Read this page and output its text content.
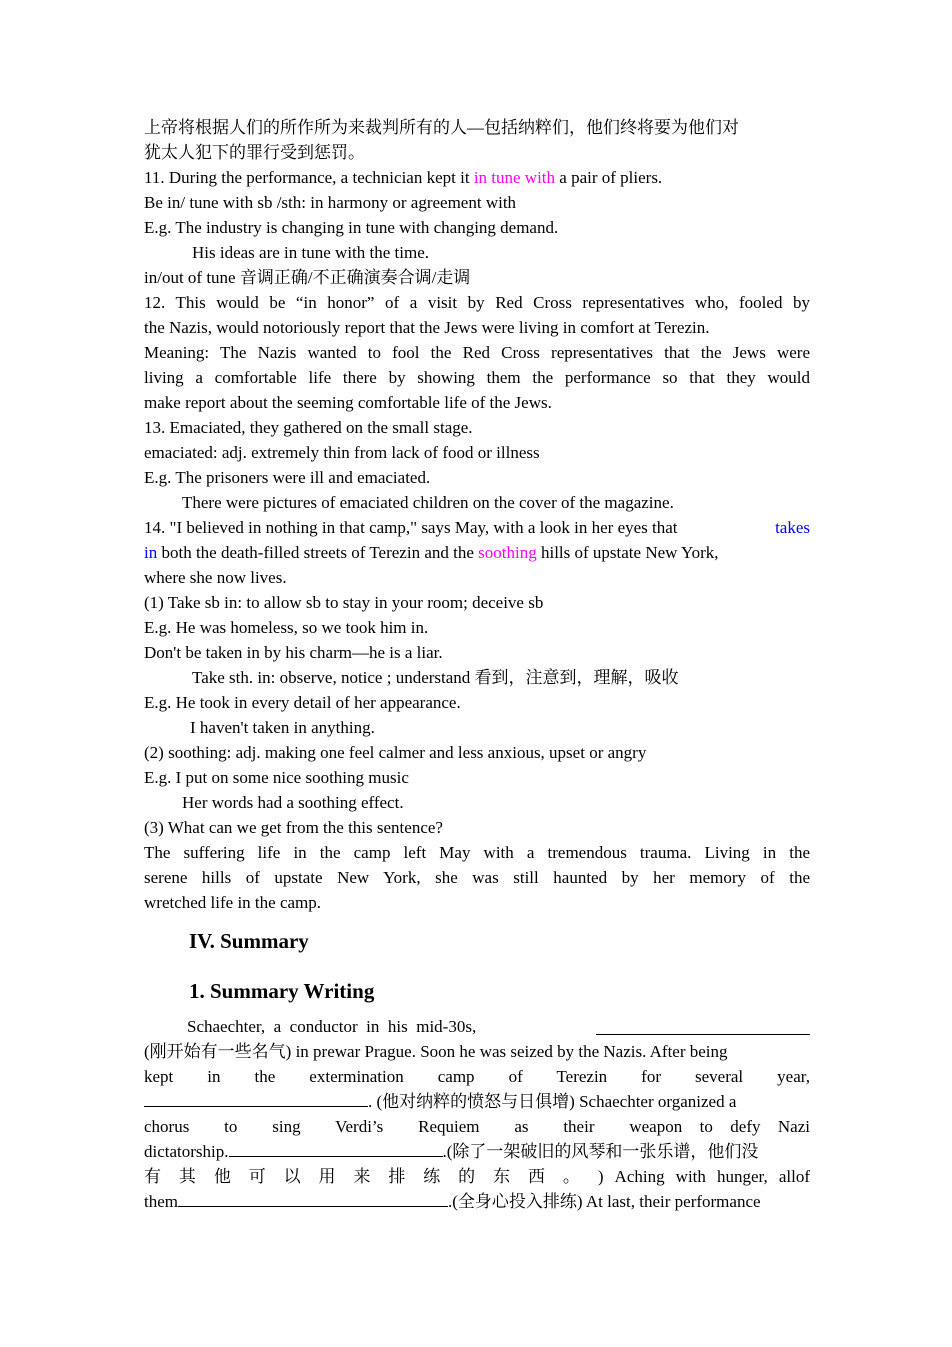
上帝将根据人们的所作所为来裁判所有的人—包括纳粹们，他们终将要为他们对
犹太人犯下的罪行受到惩罚。
11. During the performance, a technician kept it in tune with a pair of pliers.
Be in/ tune with sb /sth: in harmony or agreement with
E.g. The industry is changing in tune with changing demand.
His ideas are in tune with the time.
in/out of tune 音调正确/不正确演奏合调/走调
12. This would be “in honor” of a visit by Red Cross representatives who, fooled by
the Nazis, would notoriously report that the Jews were living in comfort at Terezin.
Meaning: The Nazis wanted to fool the Red Cross representatives that the Jews were
living a comfortable life there by showing them the performance so that they would
make report about the seeming comfortable life of the Jews.
13. Emaciated, they gathered on the small stage.
emaciated: adj. extremely thin from lack of food or illness
E.g. The prisoners were ill and emaciated.
There were pictures of emaciated children on the cover of the magazine.
14. "I believed in nothing in that camp," says May, with a look in her eyes that	takes
in both the death-filled streets of Terezin and the soothing hills of upstate New York,
where she now lives.
(1) Take sb in: to allow sb to stay in your room; deceive sb
E.g. He was homeless, so we took him in.
Don't be taken in by his charm—he is a liar.
Take sth. in: observe, notice ; understand 看到，注意到，理解，吸收
E.g. He took in every detail of her appearance.
I haven't taken in anything.
(2) soothing: adj. making one feel calmer and less anxious, upset or angry
E.g. I put on some nice soothing music
Her words had a soothing effect.
(3) What can we get from the this sentence?
The suffering life in the camp left May with a tremendous trauma. Living in the
serene hills of upstate New York, she was still haunted by her memory of the
wretched life in the camp.
IV. Summary
1. Summary Writing
Schaechter,  a  conductor  in  his  mid-30s,
(刚开始有一些名气) in prewar Prague. Soon he was seized by the Nazis. After being
kept in the extermination camp of Terezin for several year,
. (他对纳粹的愤怒与日俱增) Schaechter organized a
chorus  to  sing  Verdi’s  Requiem  as  their  weapon to defy Nazi
dictatorship.	.(除了一架破旧的风琴和一张乐谱，他们没
有 其 他 可 以 用 来 排 练 的 东 西 。 ) Aching with hunger, allof
them	.(全身心投入排练) At last, their performance
